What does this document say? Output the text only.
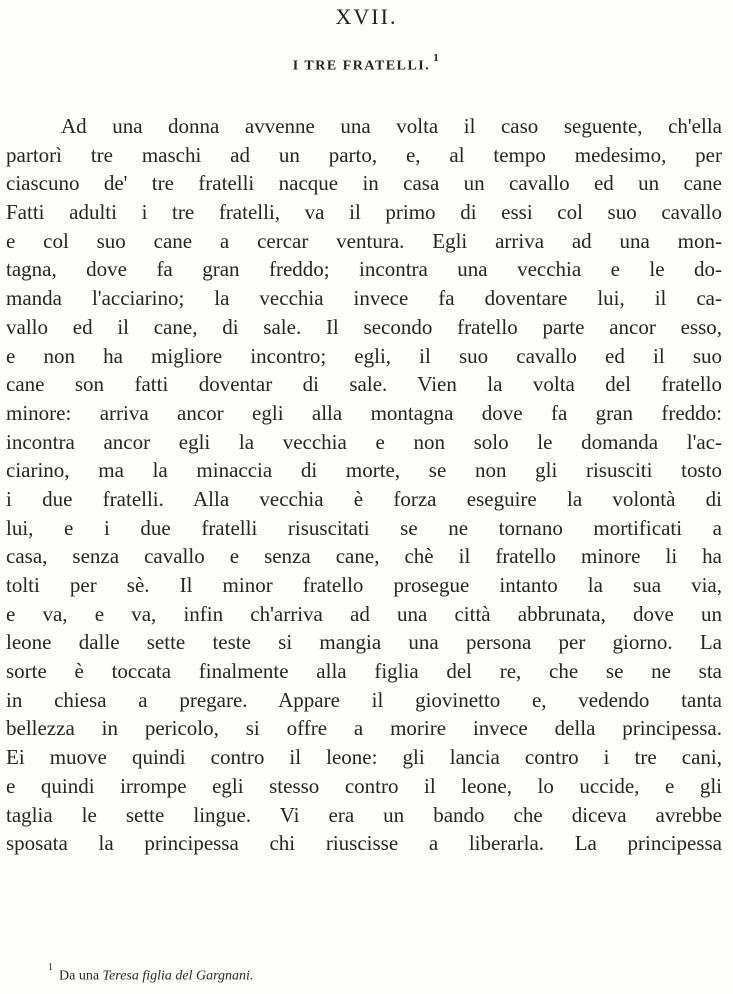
XVII.
I TRE FRATELLI.$^1$
Ad una donna avvenne una volta il caso seguente, ch'ella
partorì tre maschi ad un parto, e, al tempo medesimo, per
ciascuno de' tre fratelli nacque in casa un cavallo ed un cane
Fatti adulti i tre fratelli, va il primo di essi col suo cavallo
e col suo cane a cercar ventura. Egli arriva ad una mon-
tagna, dove fa gran freddo; incontra una vecchia e le do-
manda l'acciarino; la vecchia invece fa doventare lui, il ca-
vallo ed il cane, di sale. Il secondo fratello parte ancor esso,
e non ha migliore incontro; egli, il suo cavallo ed il suo
cane son fatti doventar di sale. Vien la volta del fratello
minore: arriva ancor egli alla montagna dove fa gran freddo:
incontra ancor egli la vecchia e non solo le domanda l'ac-
ciarino, ma la minaccia di morte, se non gli risusciti tosto
i due fratelli. Alla vecchia è forza eseguire la volontà di
lui, e i due fratelli risuscitati se ne tornano mortificati a
casa, senza cavallo e senza cane, chè il fratello minore li ha
tolti per sè. Il minor fratello prosegue intanto la sua via,
e va, e va, infin ch'arriva ad una città abbrunata, dove un
leone dalle sette teste si mangia una persona per giorno. La
sorte è toccata finalmente alla figlia del re, che se ne sta
in chiesa a pregare. Appare il giovinetto e, vedendo tanta
bellezza in pericolo, si offre a morire invece della principessa.
Ei muove quindi contro il leone: gli lancia contro i tre cani,
e quindi irrompe egli stesso contro il leone, lo uccide, e gli
taglia le sette lingue. Vi era un bando che diceva avrebbe
sposata la principessa chi riuscisse a liberarla. La principessa
$^1$Da una Teresa figlia del Gargnani.
